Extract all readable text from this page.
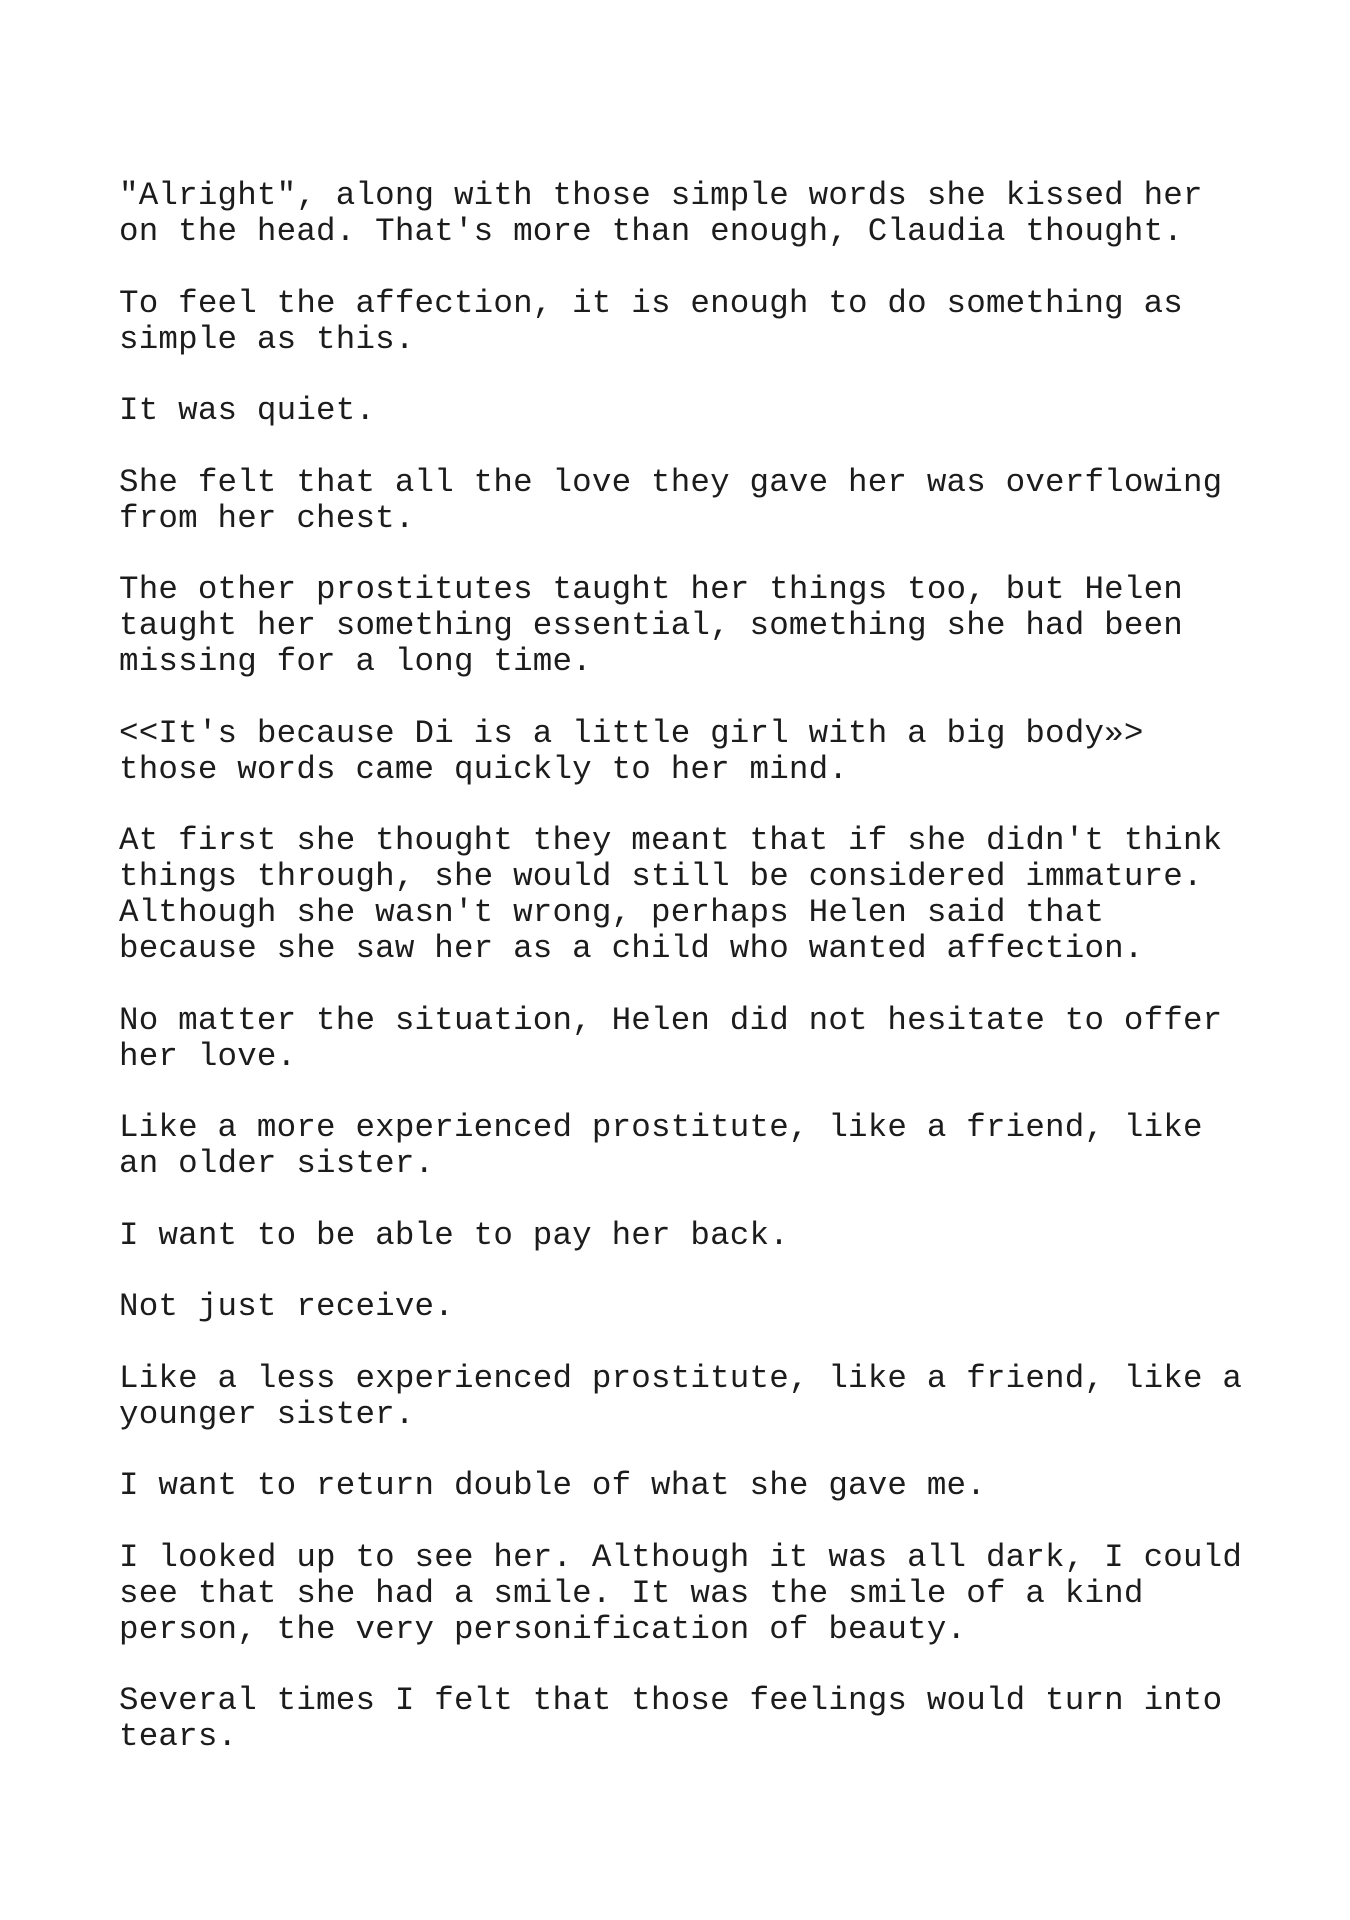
"Alright", along with those simple words she kissed her
on the head. That's more than enough, Claudia thought.

To feel the affection, it is enough to do something as
simple as this.

It was quiet.

She felt that all the love they gave her was overflowing
from her chest.

The other prostitutes taught her things too, but Helen
taught her something essential, something she had been
missing for a long time.

<<It's because Di is a little girl with a big body»>
those words came quickly to her mind.

At first she thought they meant that if she didn't think
things through, she would still be considered immature.
Although she wasn't wrong, perhaps Helen said that
because she saw her as a child who wanted affection.

No matter the situation, Helen did not hesitate to offer
her love.

Like a more experienced prostitute, like a friend, like
an older sister.

I want to be able to pay her back.

Not just receive.

Like a less experienced prostitute, like a friend, like a
younger sister.

I want to return double of what she gave me.

I looked up to see her. Although it was all dark, I could
see that she had a smile. It was the smile of a kind
person, the very personification of beauty.

Several times I felt that those feelings would turn into
tears.
